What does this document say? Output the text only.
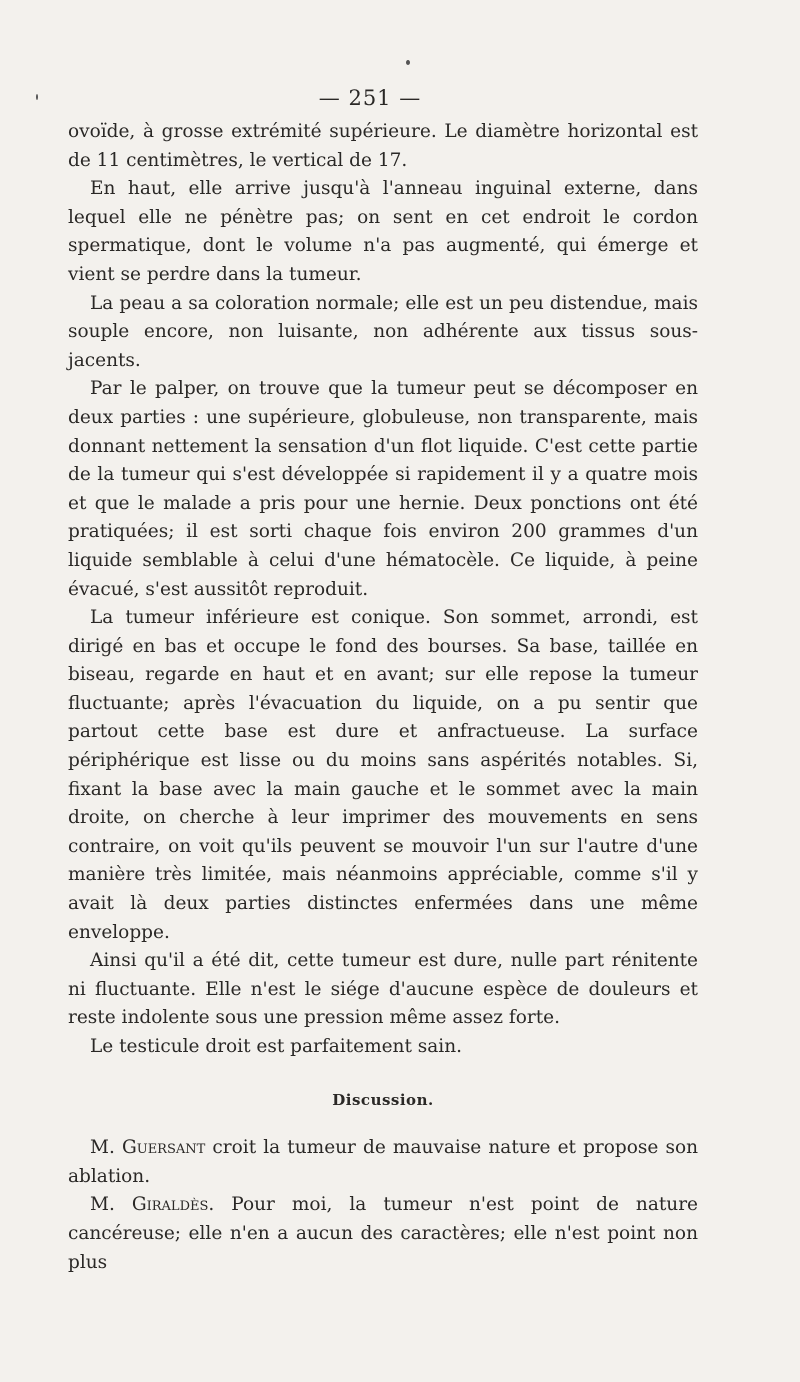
— 251 —

ovoïde, à grosse extrémité supérieure. Le diamètre horizontal est de 11 centimètres, le vertical de 17.

En haut, elle arrive jusqu'à l'anneau inguinal externe, dans lequel elle ne pénètre pas; on sent en cet endroit le cordon spermatique, dont le volume n'a pas augmenté, qui émerge et vient se perdre dans la tumeur.

La peau a sa coloration normale; elle est un peu distendue, mais souple encore, non luisante, non adhérente aux tissus sous-jacents.

Par le palper, on trouve que la tumeur peut se décomposer en deux parties : une supérieure, globuleuse, non transparente, mais donnant nettement la sensation d'un flot liquide. C'est cette partie de la tumeur qui s'est développée si rapidement il y a quatre mois et que le malade a pris pour une hernie. Deux ponctions ont été pratiquées; il est sorti chaque fois environ 200 grammes d'un liquide semblable à celui d'une hématocèle. Ce liquide, à peine évacué, s'est aussitôt reproduit.

La tumeur inférieure est conique. Son sommet, arrondi, est dirigé en bas et occupe le fond des bourses. Sa base, taillée en biseau, regarde en haut et en avant; sur elle repose la tumeur fluctuante; après l'évacuation du liquide, on a pu sentir que partout cette base est dure et anfractueuse. La surface périphérique est lisse ou du moins sans aspérités notables. Si, fixant la base avec la main gauche et le sommet avec la main droite, on cherche à leur imprimer des mouvements en sens contraire, on voit qu'ils peuvent se mouvoir l'un sur l'autre d'une manière très limitée, mais néanmoins appréciable, comme s'il y avait là deux parties distinctes enfermées dans une même enveloppe.

Ainsi qu'il a été dit, cette tumeur est dure, nulle part rénitente ni fluctuante. Elle n'est le siége d'aucune espèce de douleurs et reste indolente sous une pression même assez forte.

Le testicule droit est parfaitement sain.

Discussion.

M. Guersant croit la tumeur de mauvaise nature et propose son ablation.

M. Giraldès. Pour moi, la tumeur n'est point de nature cancéreuse; elle n'en a aucun des caractères; elle n'est point non plus
